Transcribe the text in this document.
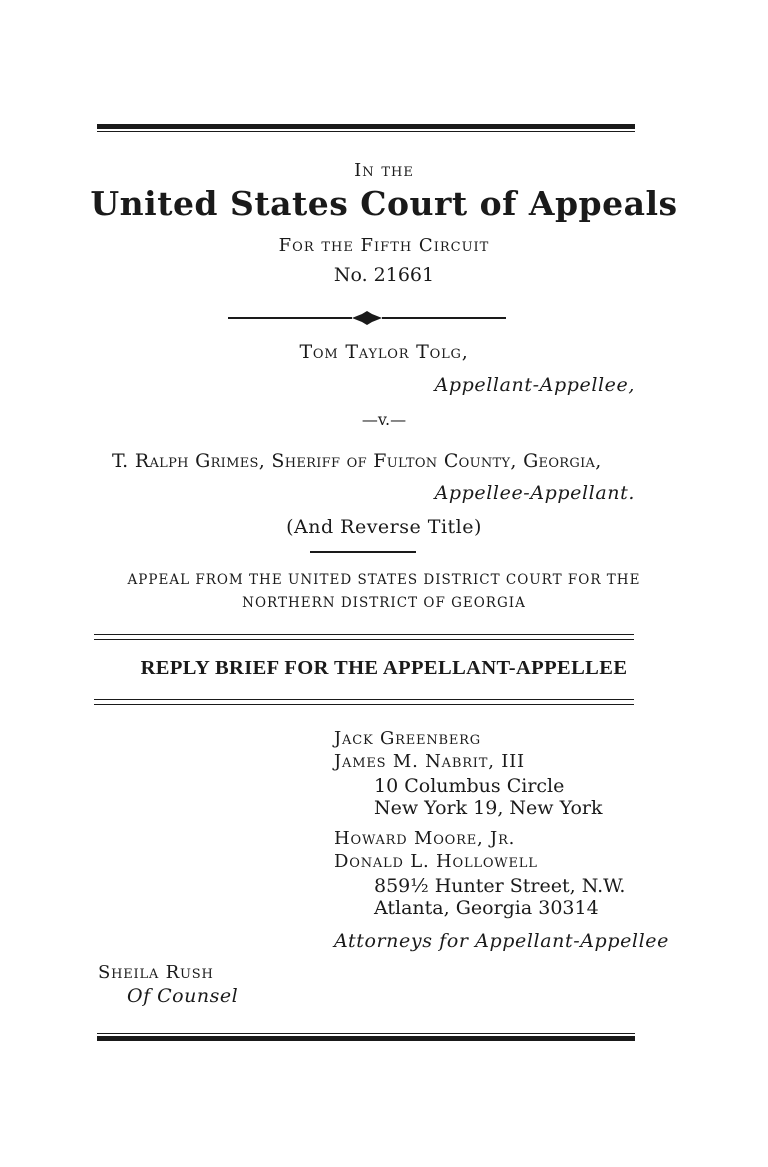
In the
United States Court of Appeals
For the Fifth Circuit
No. 21661
Tom Taylor Tolg,
Appellant-Appellee,
—v.—
T. Ralph Grimes, Sheriff of Fulton County, Georgia,
Appellee-Appellant.
(And Reverse Title)
APPEAL FROM THE UNITED STATES DISTRICT COURT FOR THE
NORTHERN DISTRICT OF GEORGIA
REPLY BRIEF FOR THE APPELLANT-APPELLEE
Jack Greenberg
James M. Nabrit, III
10 Columbus Circle
New York 19, New York
Howard Moore, Jr.
Donald L. Hollowell
859½ Hunter Street, N.W.
Atlanta, Georgia 30314
Attorneys for Appellant-Appellee
Sheila Rush
Of Counsel
